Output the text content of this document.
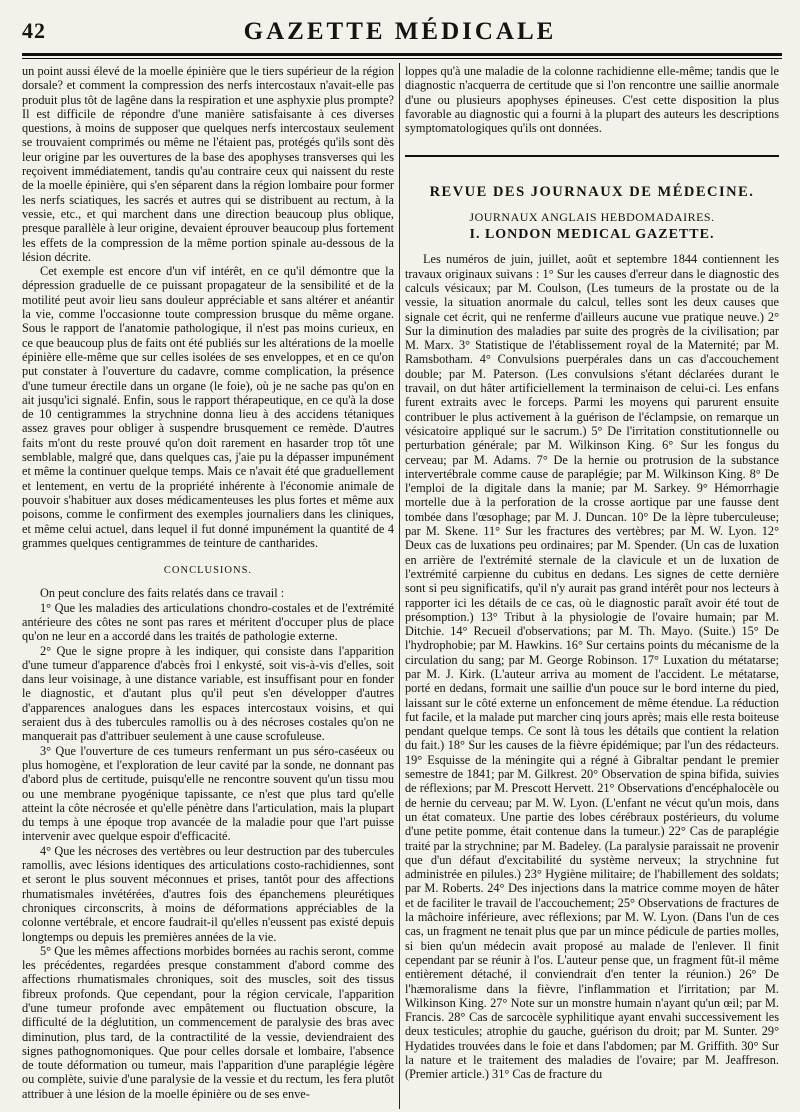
42	GAZETTE MÉDICALE

un point aussi élevé de la moelle épinière que le tiers supérieur de la région dorsale? et comment la compression des nerfs intercostaux n'avait-elle pas produit plus tôt de lagêne dans la respiration et une asphyxie plus prompte? Il est difficile de répondre d'une manière satisfaisante à ces diverses questions, à moins de supposer que quelques nerfs intercostaux seulement se trouvaient comprimés ou même ne l'étaient pas, protégés qu'ils sont dès leur origine par les ouvertures de la base des apophyses transverses qui les reçoivent immédiatement, tandis qu'au contraire ceux qui naissent du reste de la moelle épinière, qui s'en séparent dans la région lombaire pour former les nerfs sciatiques, les sacrés et autres qui se distribuent au rectum, à la vessie, etc., et qui marchent dans une direction beaucoup plus oblique, presque parallèle à leur origine, devaient éprouver beaucoup plus fortement les effets de la compression de la même portion spinale au-dessous de la lésion décrite.

Cet exemple est encore d'un vif intérêt, en ce qu'il démontre que la dépression graduelle de ce puissant propagateur de la sensibilité et de la motilité peut avoir lieu sans douleur appréciable et sans altérer et anéantir la vie, comme l'occasionne toute compression brusque du même organe. Sous le rapport de l'anatomie pathologique, il n'est pas moins curieux, en ce que beaucoup plus de faits ont été publiés sur les altérations de la moelle épinière elle-même que sur celles isolées de ses enveloppes, et en ce qu'on put constater à l'ouverture du cadavre, comme complication, la présence d'une tumeur érectile dans un organe (le foie), où je ne sache pas qu'on en ait jusqu'ici signalé. Enfin, sous le rapport thérapeutique, en ce qu'à la dose de 10 centigrammes la strychnine donna lieu à des accidens tétaniques assez graves pour obliger à suspendre brusquement ce remède. D'autres faits m'ont du reste prouvé qu'on doit rarement en hasarder trop tôt une semblable, malgré que, dans quelques cas, j'aie pu la dépasser impunément et même la continuer quelque temps. Mais ce n'avait été que graduellement et lentement, en vertu de la propriété inhérente à l'économie animale de pouvoir s'habituer aux doses médicamenteuses les plus fortes et même aux poisons, comme le confirment des exemples journaliers dans les cliniques, et même celui actuel, dans lequel il fut donné impunément la quantité de 4 grammes quelques centigrammes de teinture de cantharides.

CONCLUSIONS.

On peut conclure des faits relatés dans ce travail :

1° Que les maladies des articulations chondro-costales et de l'extrémité antérieure des côtes ne sont pas rares et méritent d'occuper plus de place qu'on ne leur en a accordé dans les traités de pathologie externe.

2° Que le signe propre à les indiquer, qui consiste dans l'apparition d'une tumeur d'apparence d'abcès froi l enkysté, soit vis-à-vis d'elles, soit dans leur voisinage, à une distance variable, est insuffisant pour en fonder le diagnostic, et d'autant plus qu'il peut s'en développer d'autres d'apparences analogues dans les espaces intercostaux voisins, et qui seraient dus à des tubercules ramollis ou à des nécroses costales qu'on ne manquerait pas d'attribuer seulement à une cause scrofuleuse.

3° Que l'ouverture de ces tumeurs renfermant un pus séro-caséeux ou plus homogène, et l'exploration de leur cavité par la sonde, ne donnant pas d'abord plus de certitude, puisqu'elle ne rencontre souvent qu'un tissu mou ou une membrane pyogénique tapissante, ce n'est que plus tard qu'elle atteint la côte nécrosée et qu'elle pénètre dans l'articulation, mais la plupart du temps à une époque trop avancée de la maladie pour que l'art puisse intervenir avec quelque espoir d'efficacité.

4° Que les nécroses des vertèbres ou leur destruction par des tubercules ramollis, avec lésions identiques des articulations costo-rachidiennes, sont et seront le plus souvent méconnues et prises, tantôt pour des affections rhumatismales invétérées, d'autres fois des épanchemens pleurétiques chroniques circonscrits, à moins de déformations appréciables de la colonne vertébrale, et encore faudrait-il qu'elles n'eussent pas existé depuis longtemps ou depuis les premières années de la vie.

5° Que les mêmes affections morbides bornées au rachis seront, comme les précédentes, regardées presque constamment d'abord comme des affections rhumatismales chroniques, soit des muscles, soit des tissus fibreux profonds. Que cependant, pour la région cervicale, l'apparition d'une tumeur profonde avec empâtement ou fluctuation obscure, la difficulté de la déglutition, un commencement de paralysie des bras avec diminution, plus tard, de la contractilité de la vessie, deviendraient des signes pathognomoniques. Que pour celles dorsale et lombaire, l'absence de toute déformation ou tumeur, mais l'apparition d'une paraplégie légère ou complète, suivie d'une paralysie de la vessie et du rectum, les fera plutôt attribuer à une lésion de la moelle épinière ou de ses enve-

loppes qu'à une maladie de la colonne rachidienne elle-même; tandis que le diagnostic n'acquerra de certitude que si l'on rencontre une saillie anormale d'une ou plusieurs apophyses épineuses. C'est cette disposition la plus favorable au diagnostic qui a fourni à la plupart des auteurs les descriptions symptomatologiques qu'ils ont données.

REVUE DES JOURNAUX DE MÉDECINE.
JOURNAUX ANGLAIS HEBDOMADAIRES.
I. LONDON MEDICAL GAZETTE.

Les numéros de juin, juillet, août et septembre 1844 contiennent les travaux originaux suivans : 1° Sur les causes d'erreur dans le diagnostic des calculs vésicaux; par M. Coulson, (Les tumeurs de la prostate ou de la vessie, la situation anormale du calcul, telles sont les deux causes que signale cet écrit, qui ne renferme d'ailleurs aucune vue pratique neuve.) 2° Sur la diminution des maladies par suite des progrès de la civilisation; par M. Marx. 3° Statistique de l'établissement royal de la Maternité; par M. Ramsbotham. 4° Convulsions puerpérales dans un cas d'accouchement double; par M. Paterson. (Les convulsions s'étant déclarées durant le travail, on dut hâter artificiellement la terminaison de celui-ci. Les enfans furent extraits avec le forceps. Parmi les moyens qui parurent ensuite contribuer le plus activement à la guérison de l'éclampsie, on remarque un vésicatoire appliqué sur le sacrum.) 5° De l'irritation constitutionnelle ou perturbation générale; par M. Wilkinson King. 6° Sur les fongus du cerveau; par M. Adams. 7° De la hernie ou protrusion de la substance intervertébrale comme cause de paraplégie; par M. Wilkinson King. 8° De l'emploi de la digitale dans la manie; par M. Sarkey. 9° Hémorrhagie mortelle due à la perforation de la crosse aortique par une fausse dent tombée dans l'œsophage; par M. J. Duncan. 10° De la lèpre tuberculeuse; par M. Skene. 11° Sur les fractures des vertèbres; par M. W. Lyon. 12° Deux cas de luxations peu ordinaires; par M. Spender. (Un cas de luxation en arrière de l'extrémité sternale de la clavicule et un de luxation de l'extrémité carpienne du cubitus en dedans. Les signes de cette dernière sont si peu significatifs, qu'il n'y aurait pas grand intérêt pour nos lecteurs à rapporter ici les détails de ce cas, où le diagnostic paraît avoir été tout de présomption.) 13° Tribut à la physiologie de l'ovaire humain; par M. Ditchie. 14° Recueil d'observations; par M. Th. Mayo. (Suite.) 15° De l'hydrophobie; par M. Hawkins. 16° Sur certains points du mécanisme de la circulation du sang; par M. George Robinson. 17° Luxation du métatarse; par M. J. Kirk. (L'auteur arriva au moment de l'accident. Le métatarse, porté en dedans, formait une saillie d'un pouce sur le bord interne du pied, laissant sur le côté externe un enfoncement de même étendue. La réduction fut facile, et la malade put marcher cinq jours après; mais elle resta boiteuse pendant quelque temps. Ce sont là tous les détails que contient la relation du fait.) 18° Sur les causes de la fièvre épidémique; par l'un des rédacteurs. 19° Esquisse de la méningite qui a régné à Gibraltar pendant le premier semestre de 1841; par M. Gilkrest. 20° Observation de spina bifida, suivies de réflexions; par M. Prescott Hervett. 21° Observations d'encéphalocèle ou de hernie du cerveau; par M. W. Lyon. (L'enfant ne vécut qu'un mois, dans un état comateux. Une partie des lobes cérébraux postérieurs, du volume d'une petite pomme, était contenue dans la tumeur.) 22° Cas de paraplégie traité par la strychnine; par M. Badeley. (La paralysie paraissait ne provenir que d'un défaut d'excitabilité du système nerveux; la strychnine fut administrée en pilules.) 23° Hygiène militaire; de l'habillement des soldats; par M. Roberts. 24° Des injections dans la matrice comme moyen de hâter et de faciliter le travail de l'accouchement; 25° Observations de fractures de la mâchoire inférieure, avec réflexions; par M. W. Lyon. (Dans l'un de ces cas, un fragment ne tenait plus que par un mince pédicule de parties molles, si bien qu'un médecin avait proposé au malade de l'enlever. Il finit cependant par se réunir à l'os. L'auteur pense que, un fragment fût-il même entièrement détaché, il conviendrait d'en tenter la réunion.) 26° De l'hæmoralisme dans la fièvre, l'inflammation et l'irritation; par M. Wilkinson King. 27° Note sur un monstre humain n'ayant qu'un œil; par M. Francis. 28° Cas de sarcocèle syphilitique ayant envahi successivement les deux testicules; atrophie du gauche, guérison du droit; par M. Sunter. 29° Hydatides trouvées dans le foie et dans l'abdomen; par M. Griffith. 30° Sur la nature et le traitement des maladies de l'ovaire; par M. Jeaffreson. (Premier article.) 31° Cas de fracture du
